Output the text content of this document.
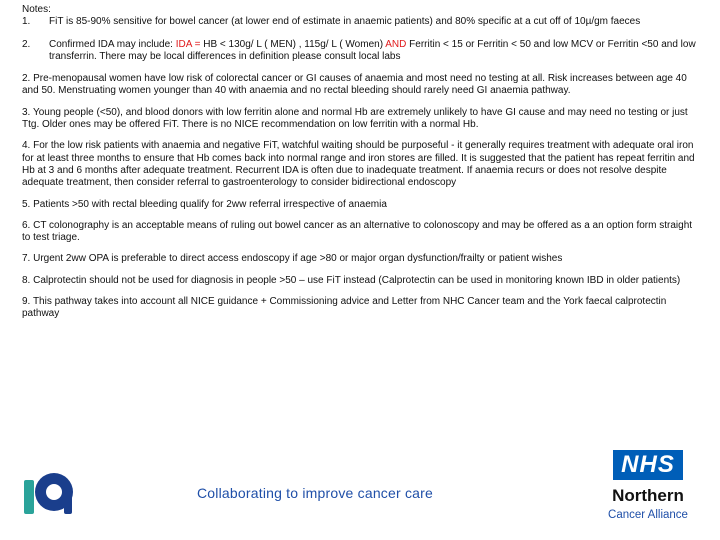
Notes:

1.	FiT is 85-90% sensitive for bowel cancer (at lower end of estimate in anaemic patients) and 80% specific at a cut off of 10µ/gm faeces
2.	Confirmed IDA may include: IDA = HB < 130g/ L ( MEN) , 115g/ L ( Women) AND Ferritin < 15 or Ferritin < 50 and low MCV or Ferritin <50 and low transferrin. There may be local differences in definition please consult local labs

2. Pre-menopausal women have low risk of colorectal cancer or GI causes of anaemia and most need no testing at all. Risk increases between age 40 and 50. Menstruating women younger than 40 with anaemia and no rectal bleeding should rarely need GI anaemia pathway.

3. Young people (<50), and blood donors with low ferritin alone and normal Hb are extremely unlikely to have GI cause and may need no testing or just Ttg. Older ones may be offered FiT. There is no NICE recommendation on low ferritin with a normal Hb.

4. For the low risk patients with anaemia and negative FiT, watchful waiting should be purposeful - it generally requires treatment with adequate oral iron for at least three months to ensure that Hb comes back into normal range and iron stores are filled. It is suggested that the patient has repeat ferritin and Hb at 3 and 6 months after adequate treatment. Recurrent IDA is often due to inadequate treatment. If anaemia recurs or does not resolve despite adequate treatment, then consider referral to gastroenterology to consider bidirectional endoscopy

5. Patients >50 with rectal bleeding qualify for 2ww referral irrespective of anaemia

6. CT colonography is an acceptable means of ruling out bowel cancer as an alternative to colonoscopy and may be offered as a an option form straight to test triage.

7. Urgent 2ww OPA is preferable to direct access endoscopy if age >80 or major organ dysfunction/frailty or patient wishes

8. Calprotectin should not be used for diagnosis in people >50 – use FiT instead (Calprotectin can be used in monitoring known IBD in older patients)

9. This pathway takes into account all NICE guidance + Commissioning advice and Letter from NHC Cancer team and the York faecal calprotectin pathway

Collaborating to improve cancer care
NHS
Northern
Cancer Alliance
